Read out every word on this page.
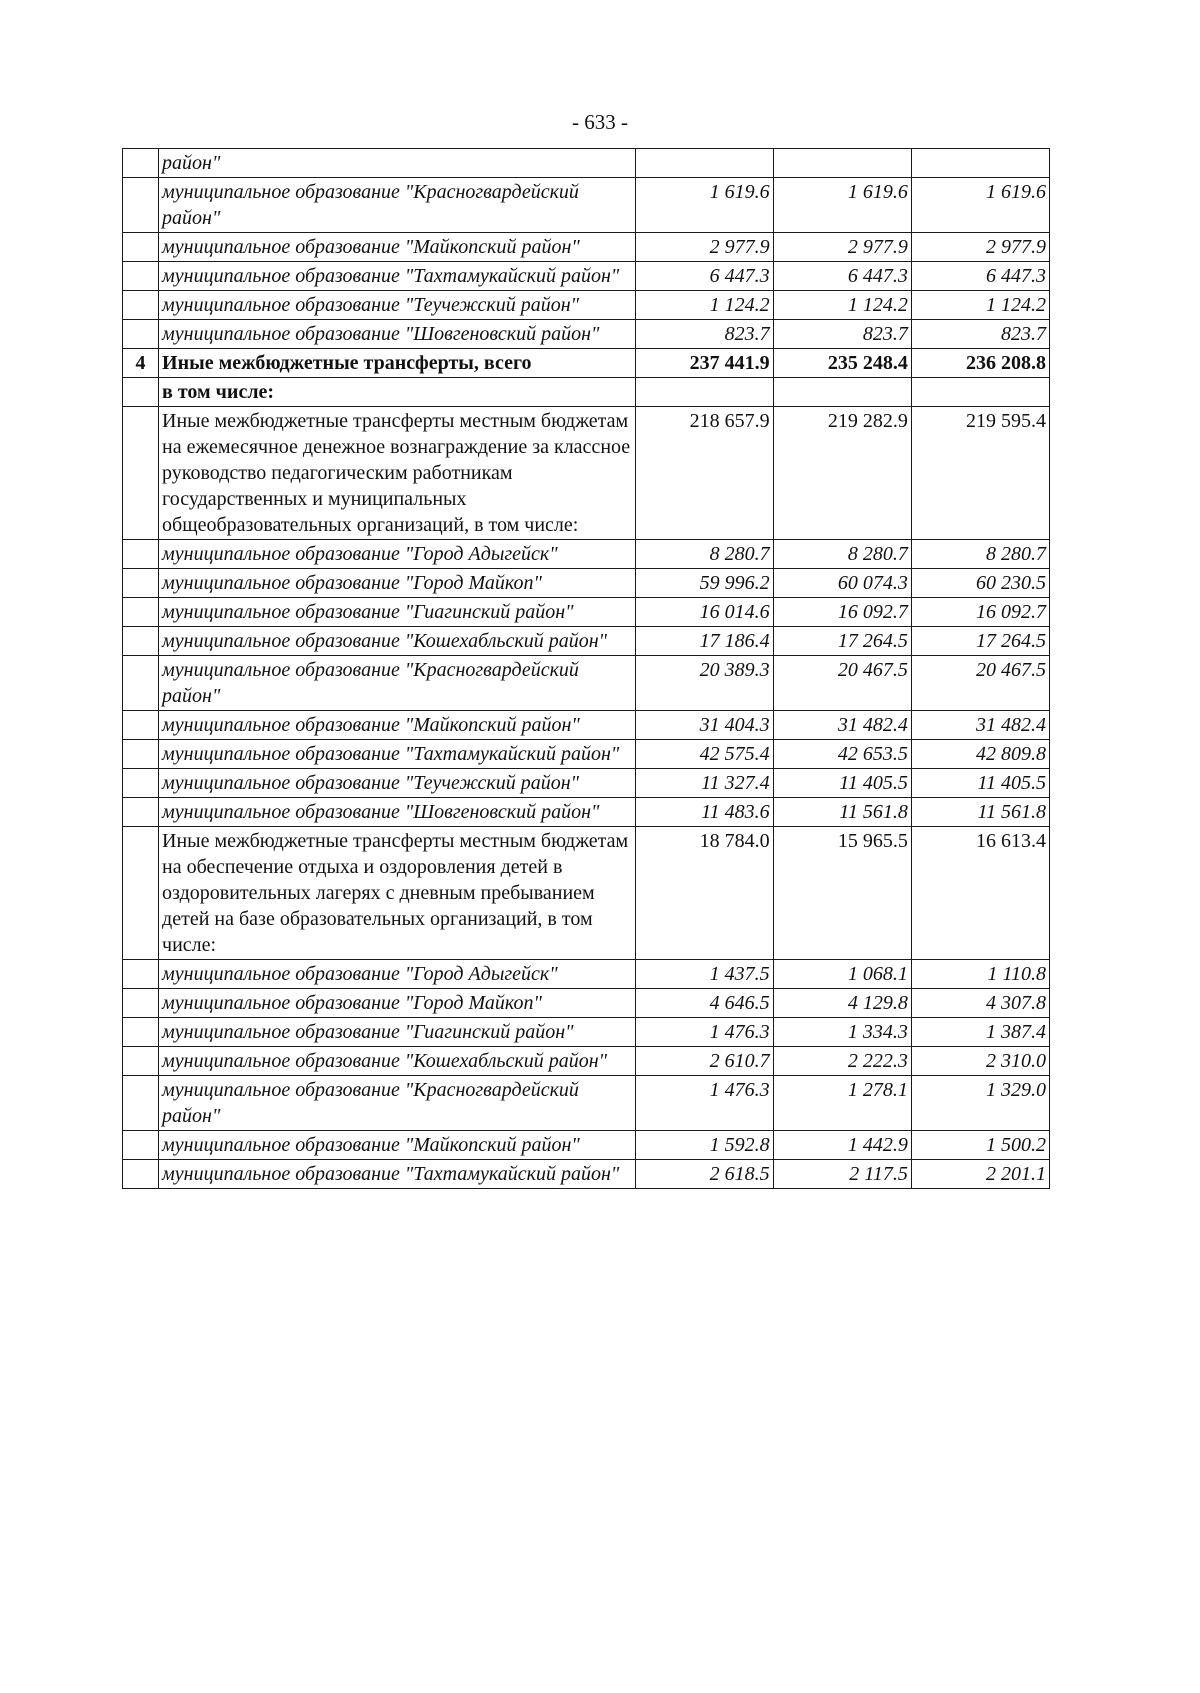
- 633 -
	район"			
	муниципальное образование "Красногвардейский район"	1 619.6	1 619.6	1 619.6
	муниципальное образование "Майкопский район"	2 977.9	2 977.9	2 977.9
	муниципальное образование "Тахтамукайский район"	6 447.3	6 447.3	6 447.3
	муниципальное образование "Теучежский район"	1 124.2	1 124.2	1 124.2
	муниципальное образование "Шовгеновский район"	823.7	823.7	823.7
4	Иные межбюджетные трансферты, всего	237 441.9	235 248.4	236 208.8
	в том числе:			
	Иные межбюджетные трансферты местным бюджетам на ежемесячное денежное вознаграждение за классное руководство педагогическим работникам государственных и муниципальных общеобразовательных организаций, в том числе:	218 657.9	219 282.9	219 595.4
	муниципальное образование "Город Адыгейск"	8 280.7	8 280.7	8 280.7
	муниципальное образование "Город Майкоп"	59 996.2	60 074.3	60 230.5
	муниципальное образование "Гиагинский район"	16 014.6	16 092.7	16 092.7
	муниципальное образование "Кошехабльский район"	17 186.4	17 264.5	17 264.5
	муниципальное образование "Красногвардейский район"	20 389.3	20 467.5	20 467.5
	муниципальное образование "Майкопский район"	31 404.3	31 482.4	31 482.4
	муниципальное образование "Тахтамукайский район"	42 575.4	42 653.5	42 809.8
	муниципальное образование "Теучежский район"	11 327.4	11 405.5	11 405.5
	муниципальное образование "Шовгеновский район"	11 483.6	11 561.8	11 561.8
	Иные межбюджетные трансферты местным бюджетам на обеспечение отдыха и оздоровления детей в оздоровительных лагерях с дневным пребыванием детей на базе образовательных организаций, в том числе:	18 784.0	15 965.5	16 613.4
	муниципальное образование "Город Адыгейск"	1 437.5	1 068.1	1 110.8
	муниципальное образование "Город Майкоп"	4 646.5	4 129.8	4 307.8
	муниципальное образование "Гиагинский район"	1 476.3	1 334.3	1 387.4
	муниципальное образование "Кошехабльский район"	2 610.7	2 222.3	2 310.0
	муниципальное образование "Красногвардейский район"	1 476.3	1 278.1	1 329.0
	муниципальное образование "Майкопский район"	1 592.8	1 442.9	1 500.2
	муниципальное образование "Тахтамукайский район"	2 618.5	2 117.5	2 201.1
